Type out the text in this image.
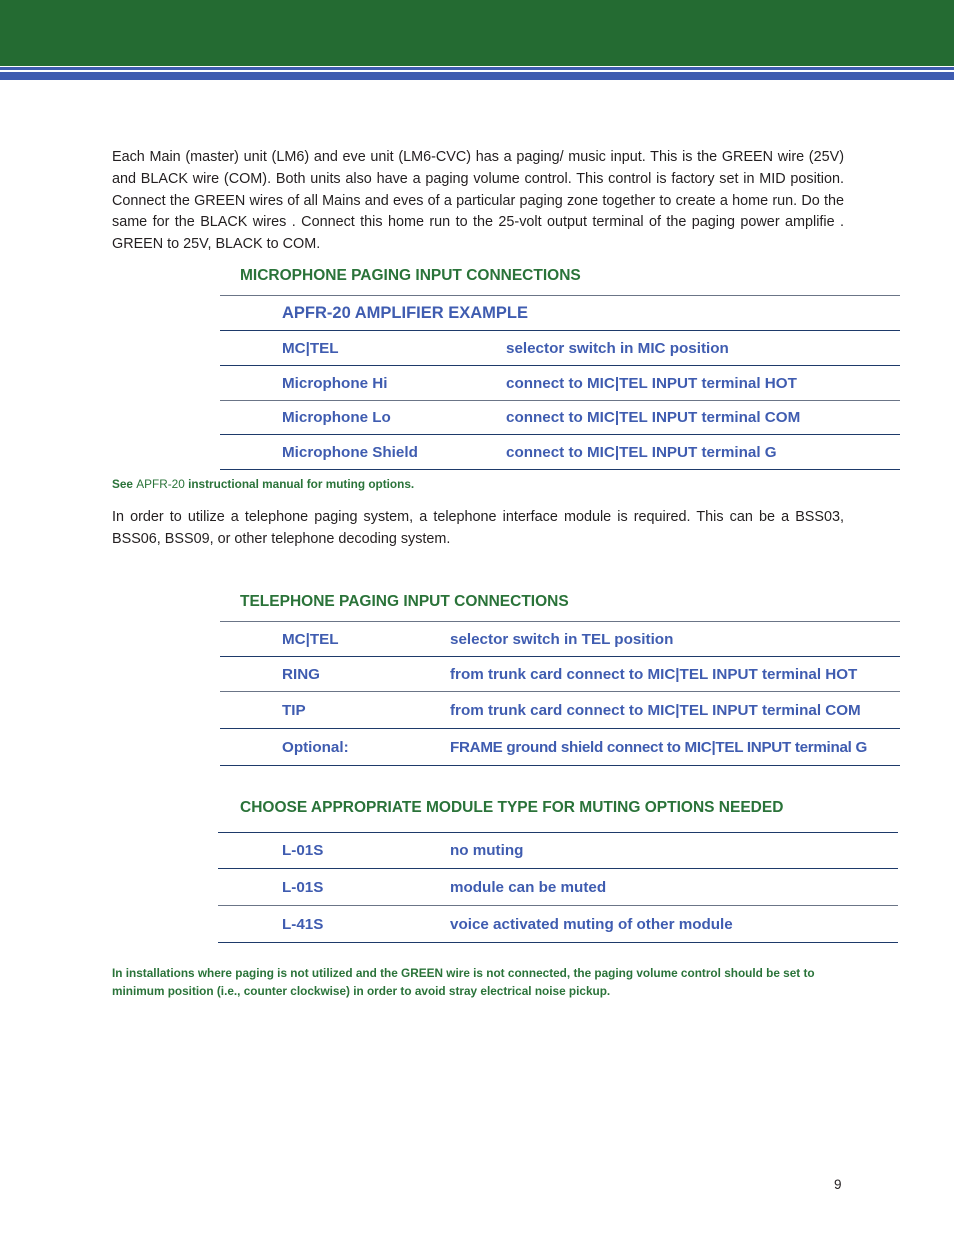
Each Main (master) unit (LM6) and eve unit (LM6-CVC) has a paging/ music input. This is the GREEN wire (25V) and BLACK wire (COM). Both units also have a paging volume control. This control is factory set in MID position. Connect the GREEN wires of all Mains and eves of a particular paging zone together to create a home run. Do the same for the BLACK wires . Connect this home run to the 25-volt output terminal of the paging power amplifie . GREEN to 25V, BLACK to COM.

MICROPHONE PAGING INPUT CONNECTIONS
APFR-20 AMPLIFIER EXAMPLE
MC|TEL	selector switch in MIC position
Microphone Hi	connect to MIC|TEL INPUT terminal HOT
Microphone Lo	connect to MIC|TEL INPUT terminal COM
Microphone Shield	connect to MIC|TEL INPUT terminal G
See APFR-20 instructional manual for muting options.

In order to utilize a telephone paging system, a telephone interface module is required. This can be a BSS03, BSS06, BSS09, or other telephone decoding system.

TELEPHONE PAGING INPUT CONNECTIONS
MC|TEL	selector switch in TEL position
RING	from trunk card connect to MIC|TEL INPUT terminal HOT
TIP	from trunk card connect to MIC|TEL INPUT terminal COM
Optional:	FRAME ground shield connect to MIC|TEL INPUT terminal G
CHOOSE APPROPRIATE MODULE TYPE FOR MUTING OPTIONS NEEDED
L-01S	no muting
L-01S	module can be muted
L-41S	voice activated muting of other module
In installations where paging is not utilized and the GREEN wire is not connected, the paging volume control should be set to minimum position (i.e., counter clockwise) in order to avoid stray electrical noise pickup.
9
